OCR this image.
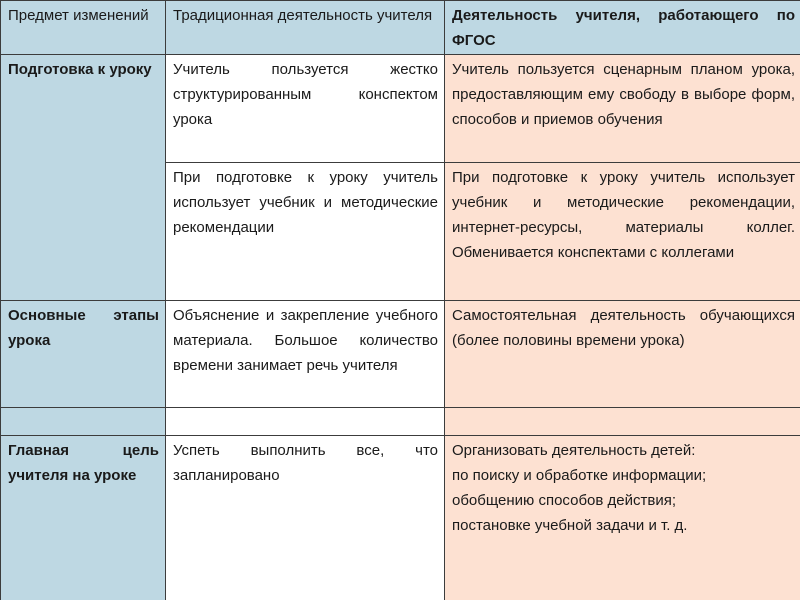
Предмет изменений	Традиционная деятельность учителя	Деятельность учителя, работающего по ФГОС
Подготовка к уроку	Учитель пользуется жестко структурированным конспектом урока	Учитель пользуется сценарным планом урока, предоставляющим ему свободу в выборе форм, способов и приемов обучения
	При подготовке к уроку учитель использует учебник и методические рекомендации	При подготовке к уроку учитель использует учебник и методические рекомендации, интернет-ресурсы, материалы коллег. Обменивается конспектами с коллегами
Основные этапы урока	Объяснение и закрепление учебного материала. Большое количество времени занимает речь учителя	Самостоятельная деятельность обучающихся (более половины времени урока)

Главная цель учителя на уроке	Успеть выполнить все, что запланировано	Организовать деятельность детей:
по поиску и обработке информации;
обобщению способов действия;
постановке учебной задачи и т. д.
